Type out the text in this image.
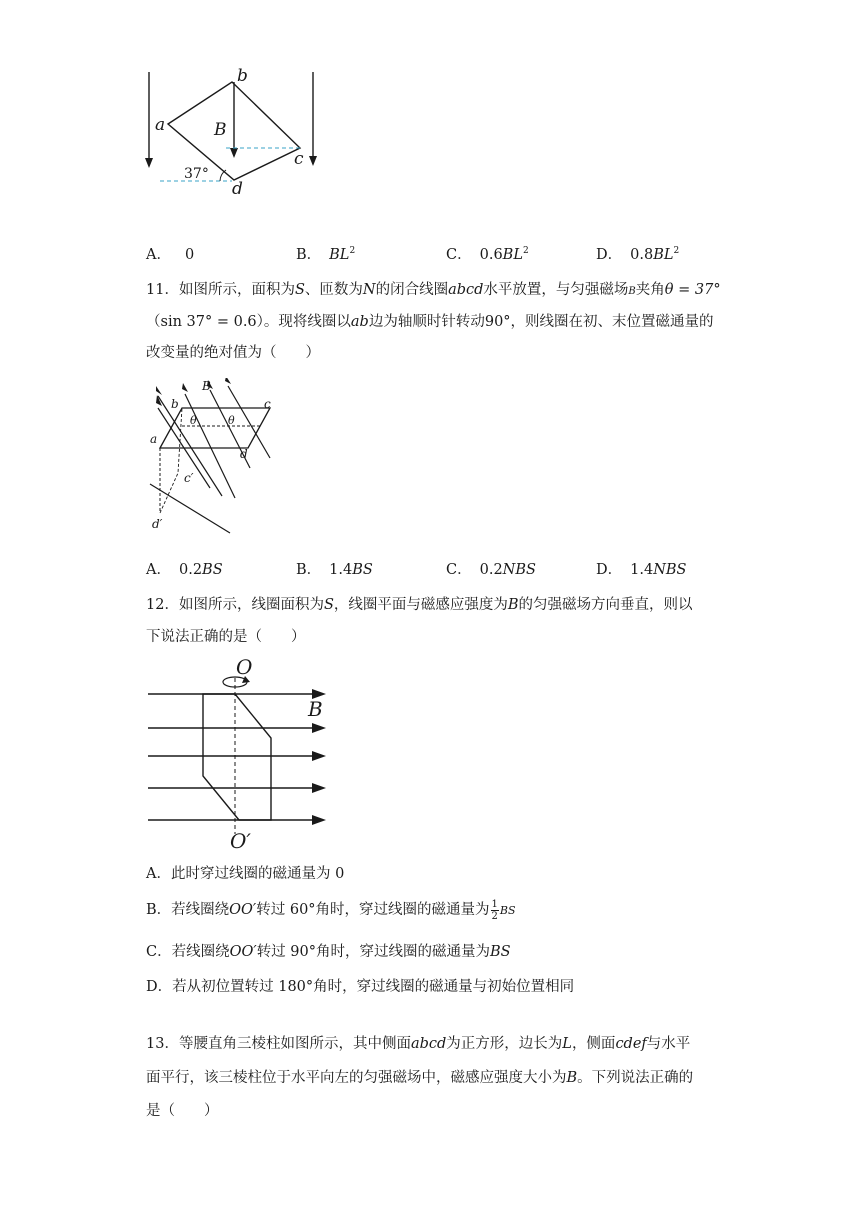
a
b
c
d
B
37°
A． 0	B． $BL^2$	C． $0.6BL^2$	D． $0.8BL^2$
11．如图所示，面积为S、匝数为N的闭合线圈abcd水平放置，与匀强磁场B夹角θ = 37°
（sin 37° = 0.6）。现将线圈以ab边为轴顺时针转动90°，则线圈在初、末位置磁通量的
改变量的绝对值为（　　）
B
a
b	c
d
c′
d′
θ	θ
A． 0.2BS	B． 1.4BS	C． 0.2NBS	D． 1.4NBS
12．如图所示，线圈面积为S，线圈平面与磁感应强度为B的匀强磁场方向垂直，则以
下说法正确的是（　　）
O
O′
B
A．此时穿过线圈的磁通量为 0
B．若线圈绕OO′转过 60°角时，穿过线圈的磁通量为 $\frac{1}{2}$ BS
C．若线圈绕OO′转过 90°角时，穿过线圈的磁通量为BS
D．若从初位置转过 180°角时，穿过线圈的磁通量与初始位置相同
13．等腰直角三棱柱如图所示，其中侧面abcd为正方形，边长为L，侧面cdef与水平
面平行，该三棱柱位于水平向左的匀强磁场中，磁感应强度大小为B。下列说法正确的
是（　　）
